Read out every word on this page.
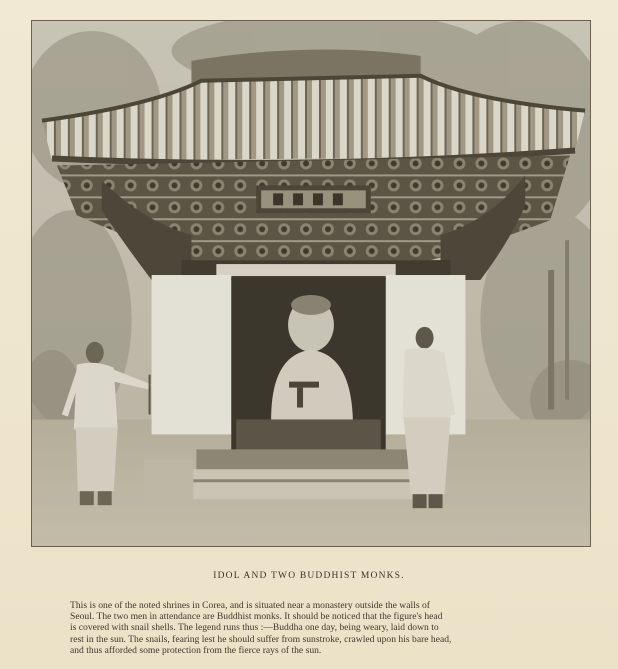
IDOL AND TWO BUDDHIST MONKS.
This is one of the noted shrines in Corea, and is situated near a monastery outside the walls of
Seoul. The two men in attendance are Buddhist monks. It should be noticed that the figure's head
is covered with snail shells. The legend runs thus :—Buddha one day, being weary, laid down to
rest in the sun. The snails, fearing lest he should suffer from sunstroke, crawled upon his bare head,
and thus afforded some protection from the fierce rays of the sun.
